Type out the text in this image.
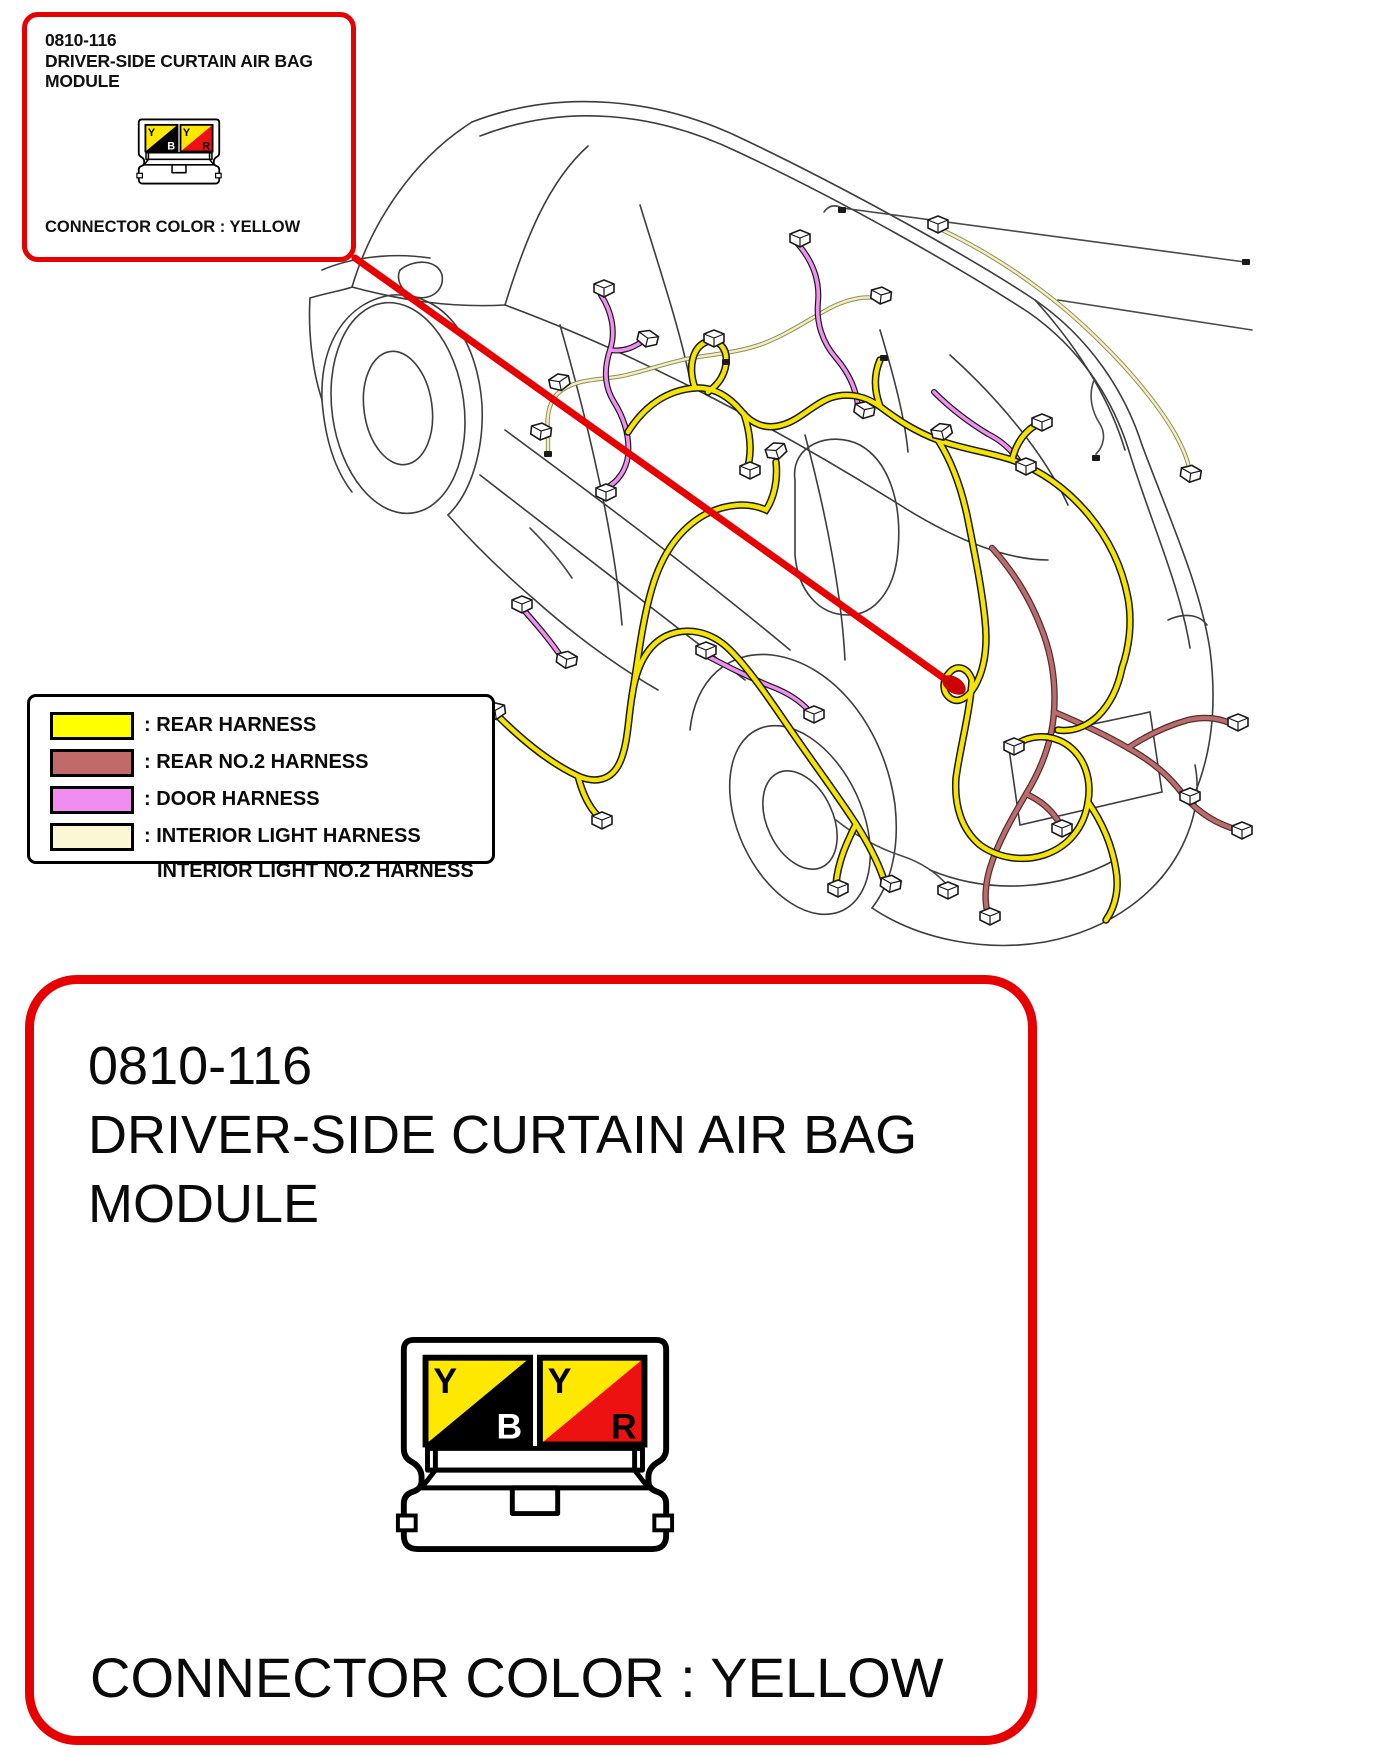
0810-116
DRIVER-SIDE CURTAIN AIR BAG
MODULE
CONNECTOR COLOR : YELLOW
: REAR HARNESS
: REAR NO.2 HARNESS
: DOOR HARNESS
: INTERIOR LIGHT HARNESS
INTERIOR LIGHT NO.2 HARNESS
0810-116
DRIVER-SIDE CURTAIN AIR BAG
MODULE
CONNECTOR COLOR : YELLOW
